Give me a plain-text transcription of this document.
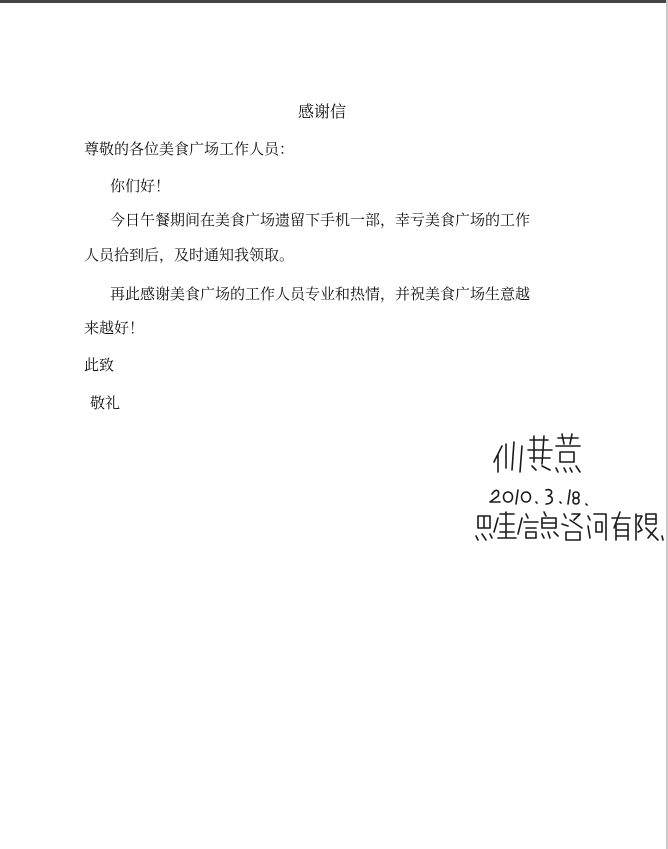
感谢信
尊敬的各位美食广场工作人员：
你们好！
今日午餐期间在美食广场遗留下手机一部，幸亏美食广场的工作
人员拾到后，及时通知我领取。
再此感谢美食广场的工作人员专业和热情，并祝美食广场生意越
来越好！
此致
敬礼
